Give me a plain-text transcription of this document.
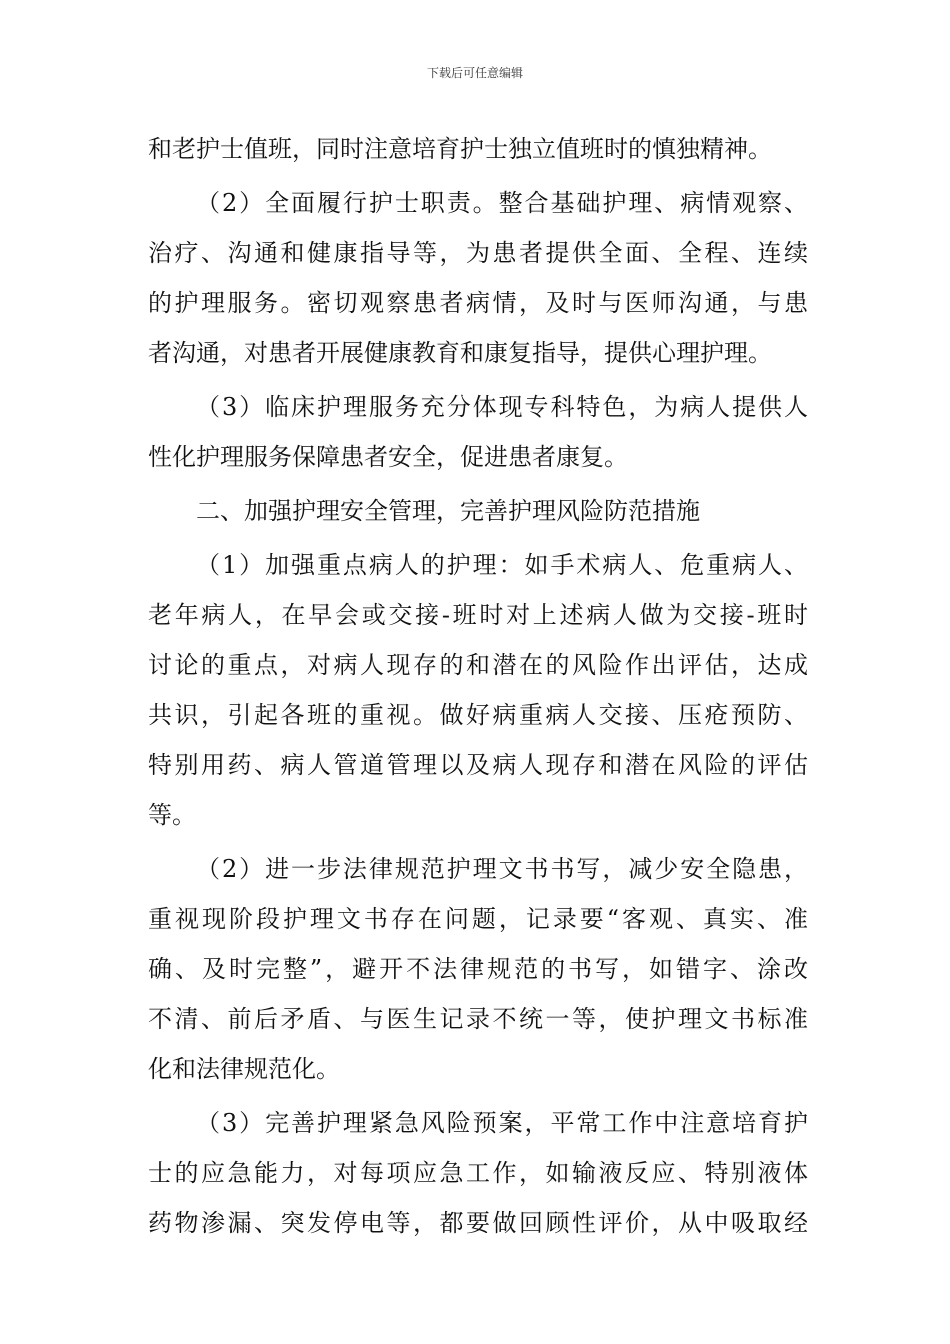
下载后可任意编辑
和老护士值班，同时注意培育护士独立值班时的慎独精神。
（2）全面履行护士职责。整合基础护理、病情观察、
治疗、沟通和健康指导等，为患者提供全面、全程、连续
的护理服务。密切观察患者病情，及时与医师沟通，与患
者沟通，对患者开展健康教育和康复指导，提供心理护理。
（3）临床护理服务充分体现专科特色，为病人提供人
性化护理服务保障患者安全，促进患者康复。
二、加强护理安全管理，完善护理风险防范措施
（1）加强重点病人的护理：如手术病人、危重病人、
老年病人，在早会或交接-班时对上述病人做为交接-班时
讨论的重点，对病人现存的和潜在的风险作出评估，达成
共识，引起各班的重视。做好病重病人交接、压疮预防、
特别用药、病人管道管理以及病人现存和潜在风险的评估
等。
（2）进一步法律规范护理文书书写，减少安全隐患，
重视现阶段护理文书存在问题，记录要“客观、真实、准
确、及时完整”，避开不法律规范的书写，如错字、涂改
不清、前后矛盾、与医生记录不统一等，使护理文书标准
化和法律规范化。
（3）完善护理紧急风险预案，平常工作中注意培育护
士的应急能力，对每项应急工作，如输液反应、特别液体
药物渗漏、突发停电等，都要做回顾性评价，从中吸取经
